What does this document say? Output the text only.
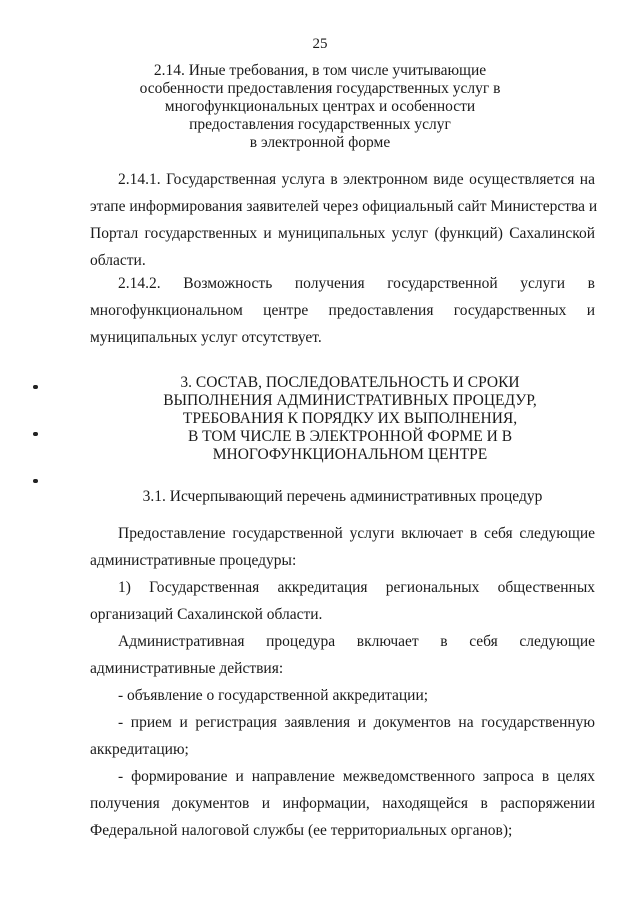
25
2.14. Иные требования, в том числе учитывающие
особенности предоставления государственных услуг в
многофункциональных центрах и особенности
предоставления государственных услуг
в электронной форме
2.14.1. Государственная услуга в электронном виде осуществляется на
этапе информирования заявителей через официальный сайт Министерства и
Портал государственных и муниципальных услуг (функций) Сахалинской
области.
2.14.2. Возможность получения государственной услуги в
многофункциональном центре предоставления государственных и
муниципальных услуг отсутствует.
3. СОСТАВ, ПОСЛЕДОВАТЕЛЬНОСТЬ И СРОКИ
ВЫПОЛНЕНИЯ АДМИНИСТРАТИВНЫХ ПРОЦЕДУР,
ТРЕБОВАНИЯ К ПОРЯДКУ ИХ ВЫПОЛНЕНИЯ,
В ТОМ ЧИСЛЕ В ЭЛЕКТРОННОЙ ФОРМЕ И В
МНОГОФУНКЦИОНАЛЬНОМ ЦЕНТРЕ
3.1. Исчерпывающий перечень административных процедур
Предоставление государственной услуги включает в себя следующие
административные процедуры:
1) Государственная аккредитация региональных общественных
организаций Сахалинской области.
Административная процедура включает в себя следующие
административные действия:
- объявление о государственной аккредитации;
- прием и регистрация заявления и документов на государственную
аккредитацию;
- формирование и направление межведомственного запроса в целях
получения документов и информации, находящейся в распоряжении
Федеральной налоговой службы (ее территориальных органов);
